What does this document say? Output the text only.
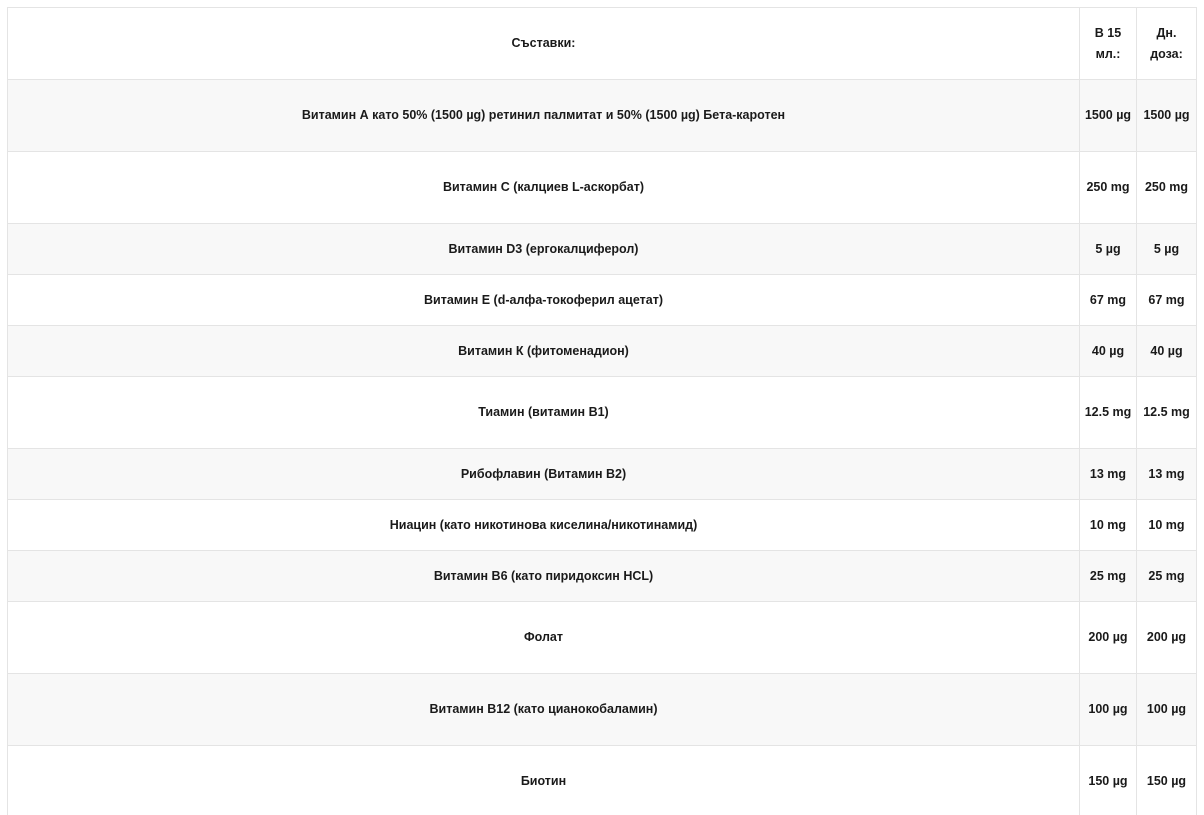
Съставки:	В 15 мл.:	Дн. доза:
Витамин А като 50% (1500 µg) ретинил палмитат и 50% (1500 µg) Бета-каротен	1500 µg	1500 µg
Витамин С (калциев L-аскорбат)	250 mg	250 mg
Витамин D3 (ергокалциферол)	5 µg	5 µg
Витамин Е (d-алфа-токоферил ацетат)	67 mg	67 mg
Витамин К (фитоменадион)	40 µg	40 µg
Тиамин (витамин В1)	12.5 mg	12.5 mg
Рибофлавин (Витамин В2)	13 mg	13 mg
Ниацин (като никотинова киселина/никотинамид)	10 mg	10 mg
Витамин В6 (като пиридоксин HCL)	25 mg	25 mg
Фолат	200 µg	200 µg
Витамин В12 (като цианокобаламин)	100 µg	100 µg
Биотин	150 µg	150 µg
